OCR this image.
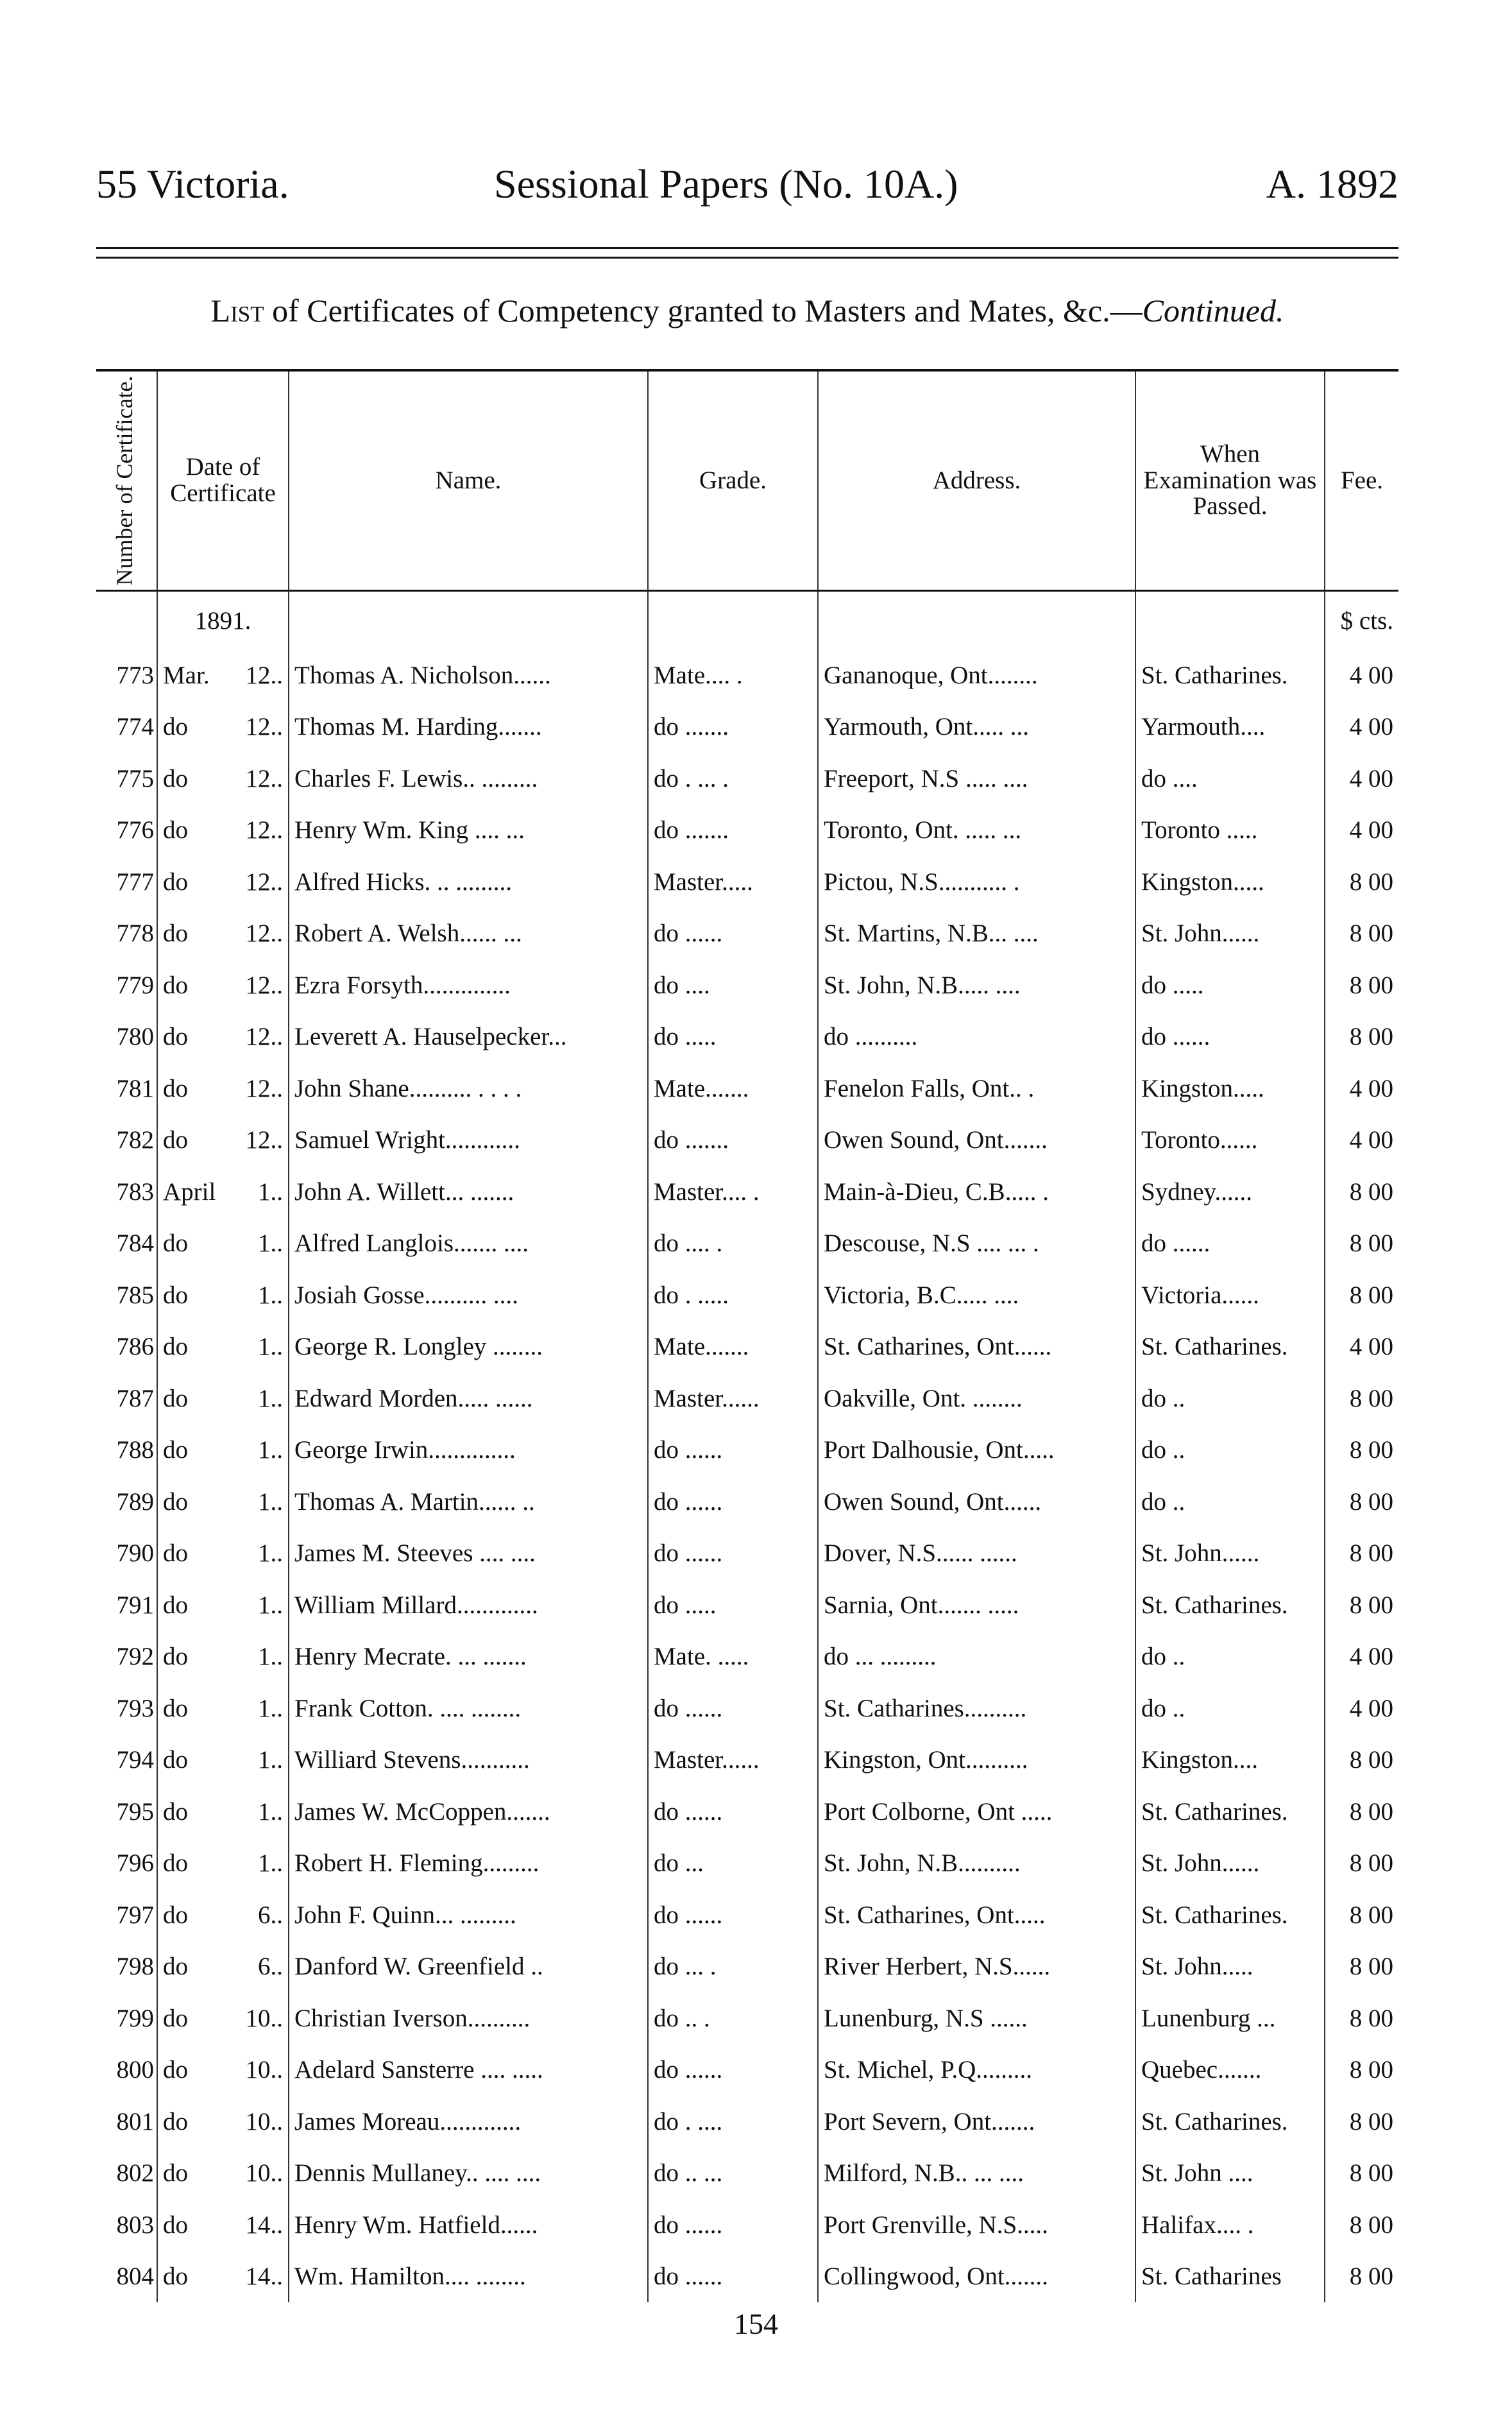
55 Victoria.	Sessional Papers (No. 10A.)	A. 1892
List of Certificates of Competency granted to Masters and Mates, &c.—Continued.
Number of Certificate.	Date of Certificate	Name.	Grade.	Address.	When Examination was Passed.	Fee.
	1891.					$ cts.
773	Mar. 12..	Thomas A. Nicholson......	Mate.... .	Gananoque, Ont........	St. Catharines.	4 00
774	do 12..	Thomas M. Harding.......	do .......	Yarmouth, Ont..... ...	Yarmouth....	4 00
775	do 12..	Charles F. Lewis.. .........	do . ... .	Freeport, N.S ..... ....	do ....	4 00
776	do 12..	Henry Wm. King .... ...	do .......	Toronto, Ont. ..... ...	Toronto .....	4 00
777	do 12..	Alfred Hicks. .. .........	Master.....	Pictou, N.S........... .	Kingston.....	8 00
778	do 12..	Robert A. Welsh...... ...	do ......	St. Martins, N.B... ....	St. John......	8 00
779	do 12..	Ezra Forsyth..............	do ....	St. John, N.B..... ....	do .....	8 00
780	do 12..	Leverett A. Hauselpecker...	do .....	do ..........	do ......	8 00
781	do 12..	John Shane.......... . . . .	Mate.......	Fenelon Falls, Ont.. .	Kingston.....	4 00
782	do 12..	Samuel Wright............	do .......	Owen Sound, Ont.......	Toronto......	4 00
783	April 1..	John A. Willett... .......	Master.... .	Main-à-Dieu, C.B..... .	Sydney......	8 00
784	do 1..	Alfred Langlois....... ....	do .... .	Descouse, N.S .... ... .	do ......	8 00
785	do 1..	Josiah Gosse.......... ....	do . .....	Victoria, B.C..... ....	Victoria......	8 00
786	do 1..	George R. Longley ........	Mate.......	St. Catharines, Ont......	St. Catharines.	4 00
787	do 1..	Edward Morden..... ......	Master......	Oakville, Ont. ........	do ..	8 00
788	do 1..	George Irwin..............	do ......	Port Dalhousie, Ont.....	do ..	8 00
789	do 1..	Thomas A. Martin...... ..	do ......	Owen Sound, Ont......	do ..	8 00
790	do 1..	James M. Steeves .... ....	do ......	Dover, N.S...... ......	St. John......	8 00
791	do 1..	William Millard.............	do .....	Sarnia, Ont....... .....	St. Catharines.	8 00
792	do 1..	Henry Mecrate. ... .......	Mate. .....	do ... .........	do ..	4 00
793	do 1..	Frank Cotton. .... ........	do ......	St. Catharines..........	do ..	4 00
794	do 1..	Williard Stevens...........	Master......	Kingston, Ont..........	Kingston....	8 00
795	do 1..	James W. McCoppen.......	do ......	Port Colborne, Ont .....	St. Catharines.	8 00
796	do 1..	Robert H. Fleming.........	do ...	St. John, N.B..........	St. John......	8 00
797	do 6..	John F. Quinn... .........	do ......	St. Catharines, Ont.....	St. Catharines.	8 00
798	do 6..	Danford W. Greenfield ..	do ... .	River Herbert, N.S......	St. John.....	8 00
799	do 10..	Christian Iverson..........	do .. .	Lunenburg, N.S ......	Lunenburg ...	8 00
800	do 10..	Adelard Sansterre .... .....	do ......	St. Michel, P.Q.........	Quebec.......	8 00
801	do 10..	James Moreau.............	do . ....	Port Severn, Ont.......	St. Catharines.	8 00
802	do 10..	Dennis Mullaney.. .... ....	do .. ...	Milford, N.B.. ... ....	St. John ....	8 00
803	do 14..	Henry Wm. Hatfield......	do ......	Port Grenville, N.S.....	Halifax.... .	8 00
804	do 14..	Wm. Hamilton.... ........	do ......	Collingwood, Ont.......	St. Catharines	8 00
154
